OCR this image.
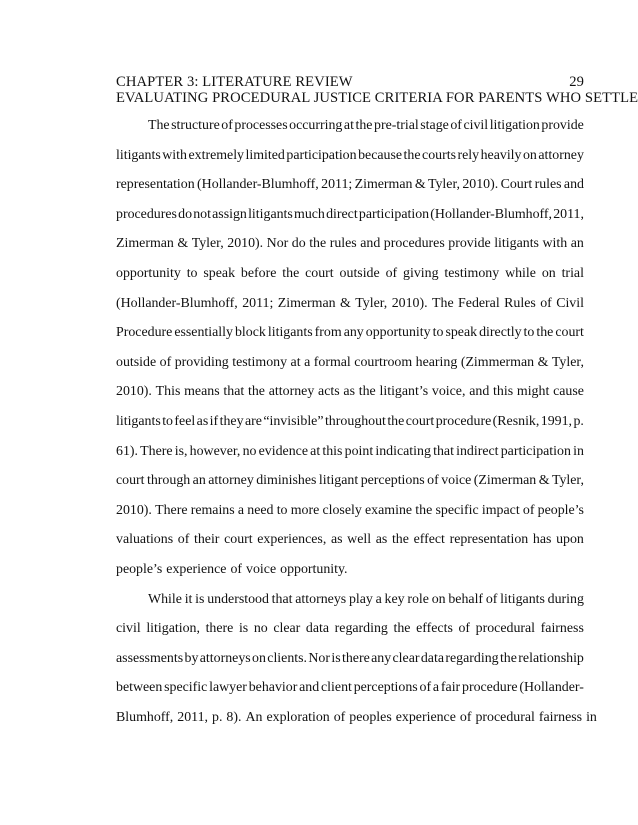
CHAPTER 3: LITERATURE REVIEW	29
EVALUATING PROCEDURAL JUSTICE CRITERIA FOR PARENTS WHO SETTLE
The structure of processes occurring at the pre-trial stage of civil litigation provide
litigants with extremely limited participation because the courts rely heavily on attorney
representation (Hollander-Blumhoff, 2011; Zimerman & Tyler, 2010). Court rules and
procedures do not assign litigants much direct participation (Hollander-Blumhoff, 2011,
Zimerman & Tyler, 2010). Nor do the rules and procedures provide litigants with an
opportunity to speak before the court outside of giving testimony while on trial
(Hollander-Blumhoff, 2011; Zimerman & Tyler, 2010). The Federal Rules of Civil
Procedure essentially block litigants from any opportunity to speak directly to the court
outside of providing testimony at a formal courtroom hearing (Zimmerman & Tyler,
2010). This means that the attorney acts as the litigant’s voice, and this might cause
litigants to feel as if they are “invisible” throughout the court procedure (Resnik, 1991, p.
61). There is, however, no evidence at this point indicating that indirect participation in
court through an attorney diminishes litigant perceptions of voice (Zimerman & Tyler,
2010). There remains a need to more closely examine the specific impact of people’s
valuations of their court experiences, as well as the effect representation has upon
people’s experience of voice opportunity.
While it is understood that attorneys play a key role on behalf of litigants during
civil litigation, there is no clear data regarding the effects of procedural fairness
assessments by attorneys on clients. Nor is there any clear data regarding the relationship
between specific lawyer behavior and client perceptions of a fair procedure (Hollander-
Blumhoff, 2011, p. 8). An exploration of peoples experience of procedural fairness in
